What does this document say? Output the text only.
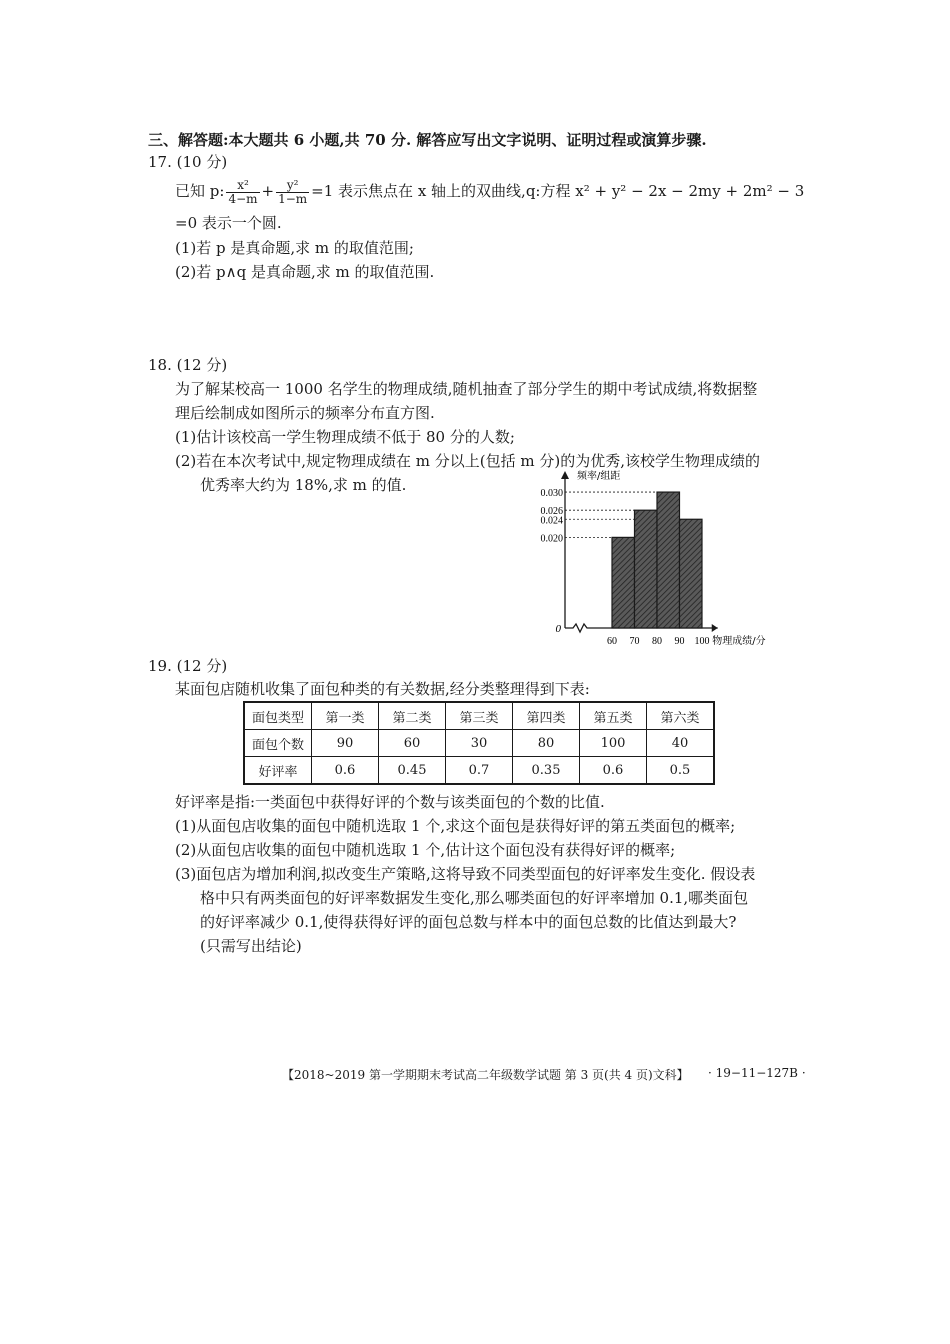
三、解答题:本大题共 6 小题,共 70 分. 解答应写出文字说明、证明过程或演算步骤.
17. (10 分)
已知 p: $\frac{\text{x²}}{4-m} + \frac{\text{y²}}{1-m} =1$ 表示焦点在 x 轴上的双曲线,q:方程 x² + y² − 2x − 2my + 2m² − 3
=0 表示一个圆.
(1)若 p 是真命题,求 m 的取值范围;
(2)若 p∧q 是真命题,求 m 的取值范围.
18. (12 分)
为了解某校高一 1000 名学生的物理成绩,随机抽查了部分学生的期中考试成绩,将数据整
理后绘制成如图所示的频率分布直方图.
(1)估计该校高一学生物理成绩不低于 80 分的人数;
(2)若在本次考试中,规定物理成绩在 m 分以上(包括 m 分)的为优秀,该校学生物理成绩的
优秀率大约为 18%,求 m 的值.	0.030
0.026
0.024
0.020
0
60 70 80 90 100
频率/组距
物理成绩/分
19. (12 分)
某面包店随机收集了面包种类的有关数据,经分类整理得到下表:
面包类型	第一类	第二类	第三类	第四类	第五类	第六类
面包个数	90	60	30	80	100	40
好评率	0.6	0.45	0.7	0.35	0.6	0.5
好评率是指:一类面包中获得好评的个数与该类面包的个数的比值.
(1)从面包店收集的面包中随机选取 1 个,求这个面包是获得好评的第五类面包的概率;
(2)从面包店收集的面包中随机选取 1 个,估计这个面包没有获得好评的概率;
(3)面包店为增加利润,拟改变生产策略,这将导致不同类型面包的好评率发生变化. 假设表
格中只有两类面包的好评率数据发生变化,那么哪类面包的好评率增加 0.1,哪类面包
的好评率减少 0.1,使得获得好评的面包总数与样本中的面包总数的比值达到最大?
(只需写出结论)
【2018~2019 第一学期期末考试高二年级数学试题 第 3 页(共 4 页)文科】 · 19−11−127B ·
